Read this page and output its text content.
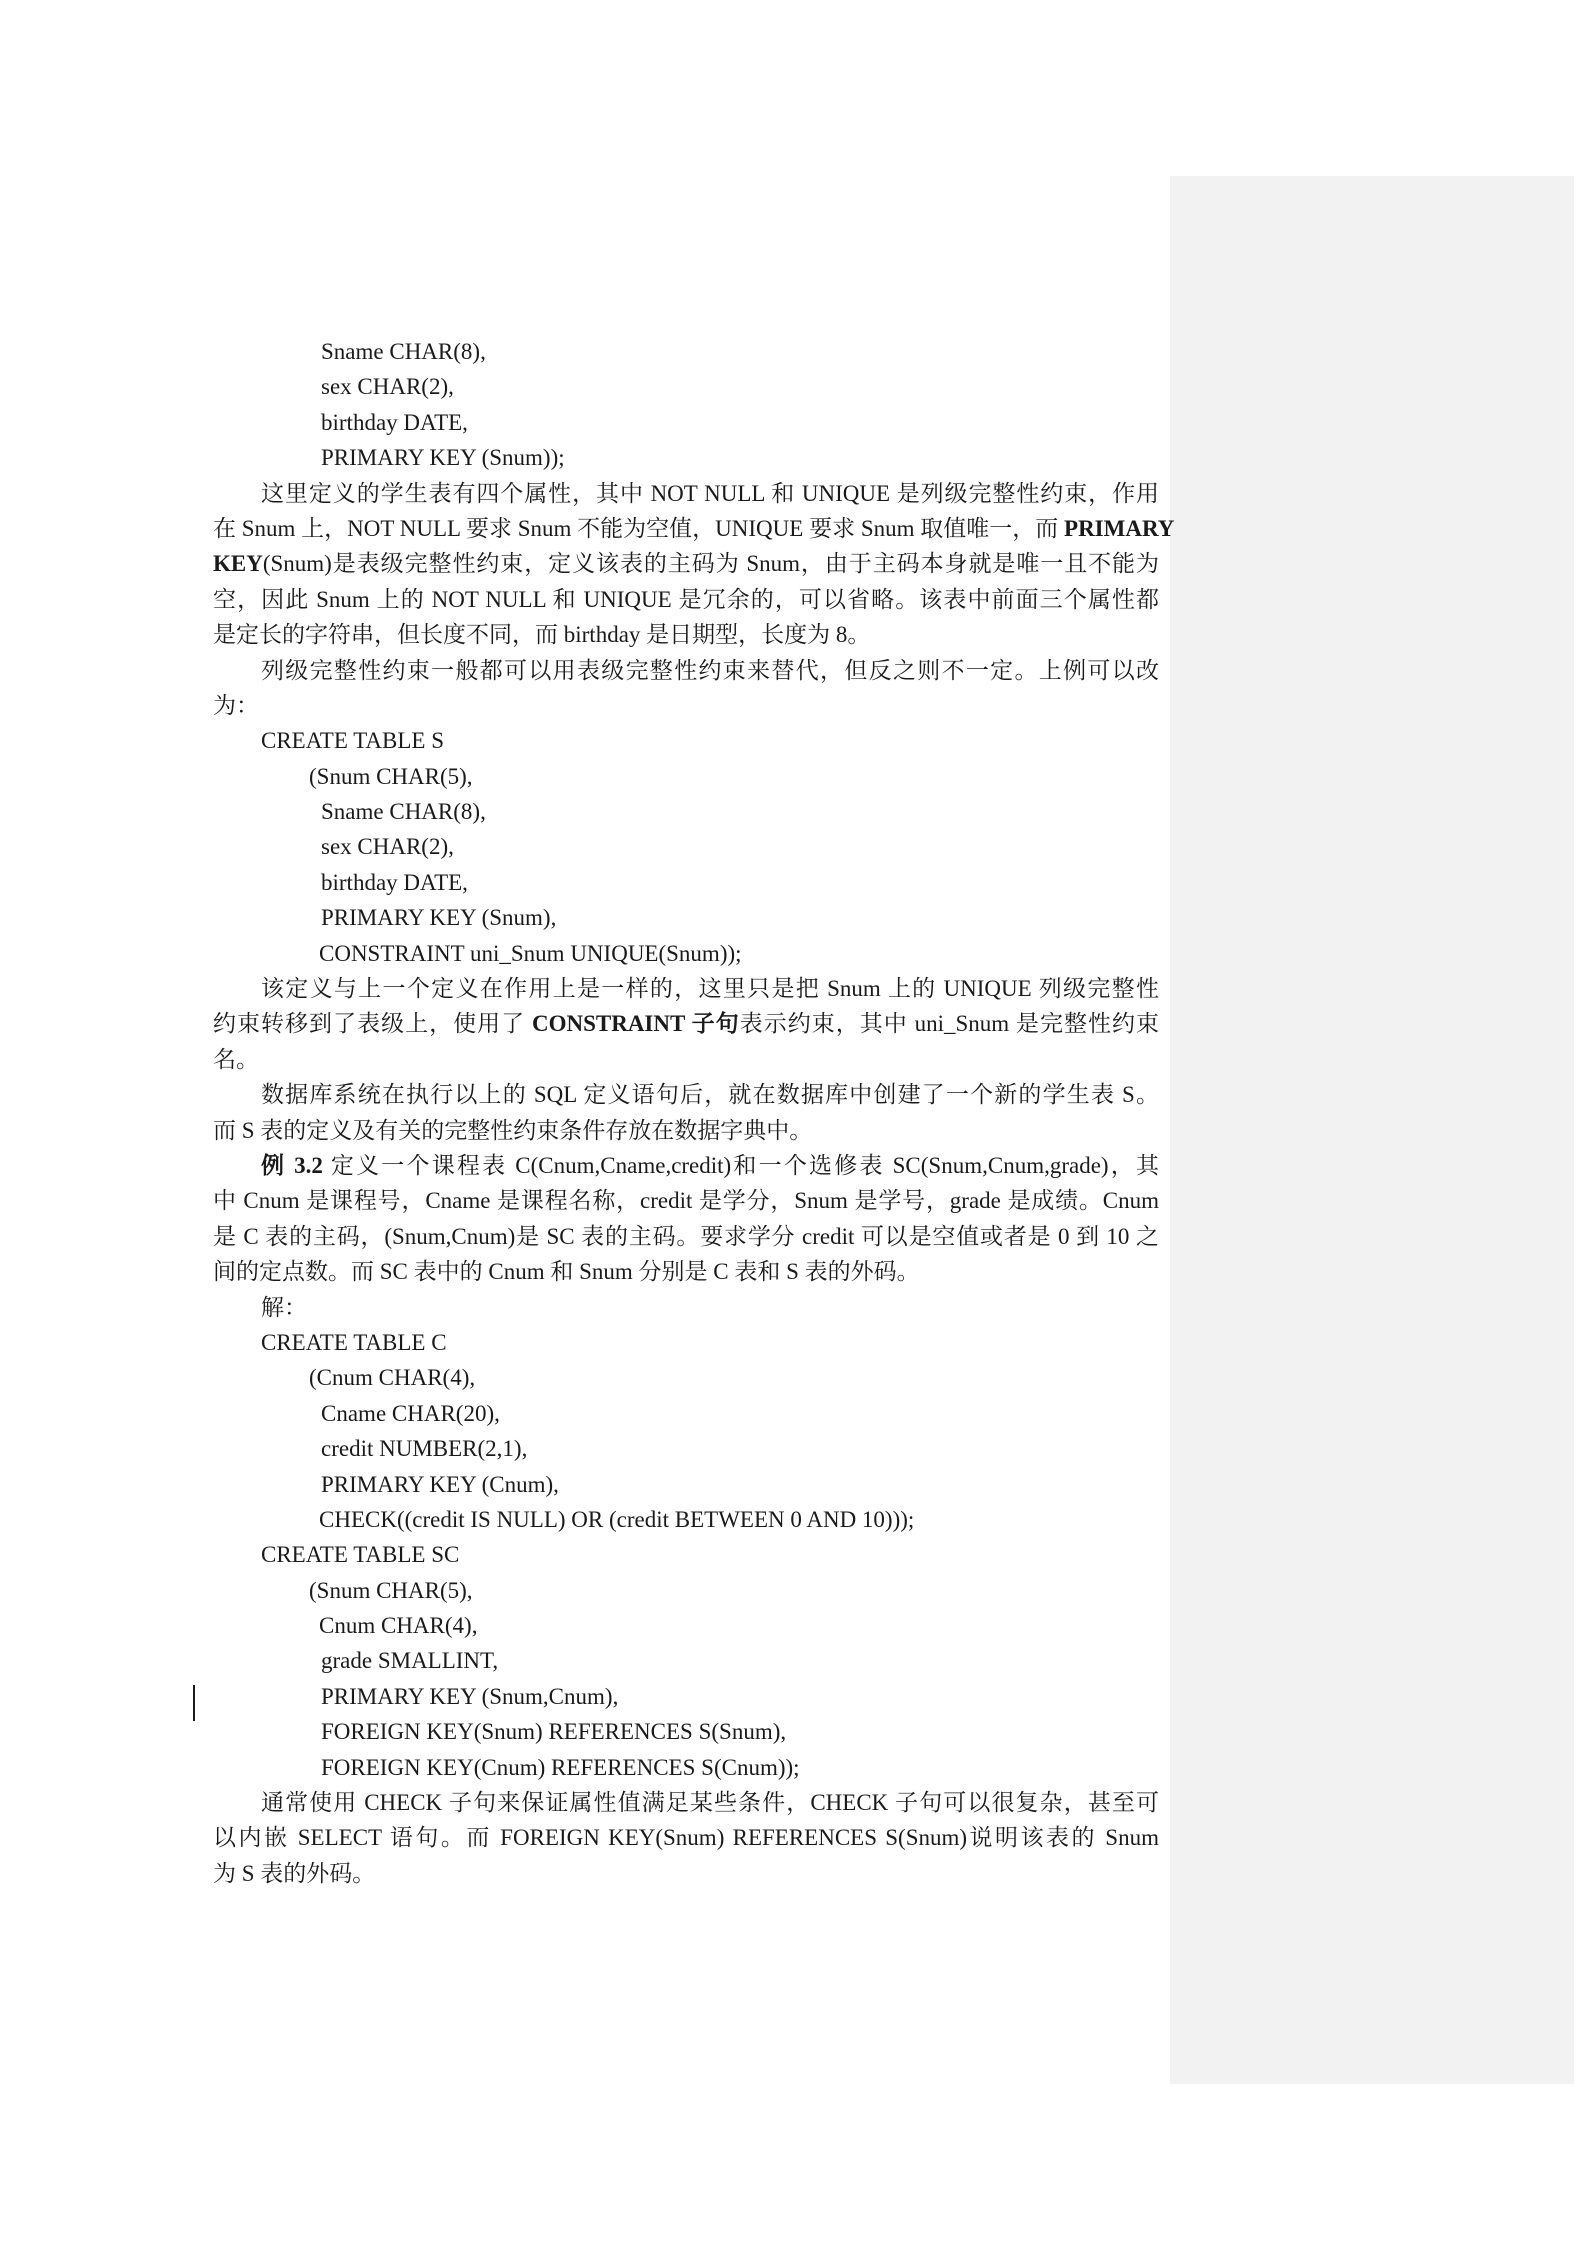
Sname CHAR(8),
sex CHAR(2),
birthday DATE,
PRIMARY KEY (Snum));
这里定义的学生表有四个属性，其中 NOT NULL 和 UNIQUE 是列级完整性约束，作用
在 Snum 上，NOT NULL 要求 Snum 不能为空值，UNIQUE 要求 Snum 取值唯一，而 PRIMARY
KEY(Snum)是表级完整性约束，定义该表的主码为 Snum，由于主码本身就是唯一且不能为
空，因此 Snum 上的 NOT NULL 和 UNIQUE 是冗余的，可以省略。该表中前面三个属性都
是定长的字符串，但长度不同，而 birthday 是日期型，长度为 8。
列级完整性约束一般都可以用表级完整性约束来替代，但反之则不一定。上例可以改
为：
CREATE TABLE S
(Snum CHAR(5),
Sname CHAR(8),
sex CHAR(2),
birthday DATE,
PRIMARY KEY (Snum),
CONSTRAINT uni_Snum UNIQUE(Snum));
该定义与上一个定义在作用上是一样的，这里只是把 Snum 上的 UNIQUE 列级完整性
约束转移到了表级上，使用了 CONSTRAINT 子句表示约束，其中 uni_Snum 是完整性约束
名。
数据库系统在执行以上的 SQL 定义语句后，就在数据库中创建了一个新的学生表 S。
而 S 表的定义及有关的完整性约束条件存放在数据字典中。
例 3.2 定义一个课程表 C(Cnum,Cname,credit)和一个选修表 SC(Snum,Cnum,grade)，其
中 Cnum 是课程号，Cname 是课程名称，credit 是学分，Snum 是学号，grade 是成绩。Cnum
是 C 表的主码，(Snum,Cnum)是 SC 表的主码。要求学分 credit 可以是空值或者是 0 到 10 之
间的定点数。而 SC 表中的 Cnum 和 Snum 分别是 C 表和 S 表的外码。
解：
CREATE TABLE C
(Cnum CHAR(4),
Cname CHAR(20),
credit NUMBER(2,1),
PRIMARY KEY (Cnum),
CHECK((credit IS NULL) OR (credit BETWEEN 0 AND 10)));
CREATE TABLE SC
(Snum CHAR(5),
Cnum CHAR(4),
grade SMALLINT,
PRIMARY KEY (Snum,Cnum),
FOREIGN KEY(Snum) REFERENCES S(Snum),
FOREIGN KEY(Cnum) REFERENCES S(Cnum));
通常使用 CHECK 子句来保证属性值满足某些条件，CHECK 子句可以很复杂，甚至可
以内嵌 SELECT 语句。而 FOREIGN KEY(Snum) REFERENCES S(Snum)说明该表的 Snum
为 S 表的外码。
